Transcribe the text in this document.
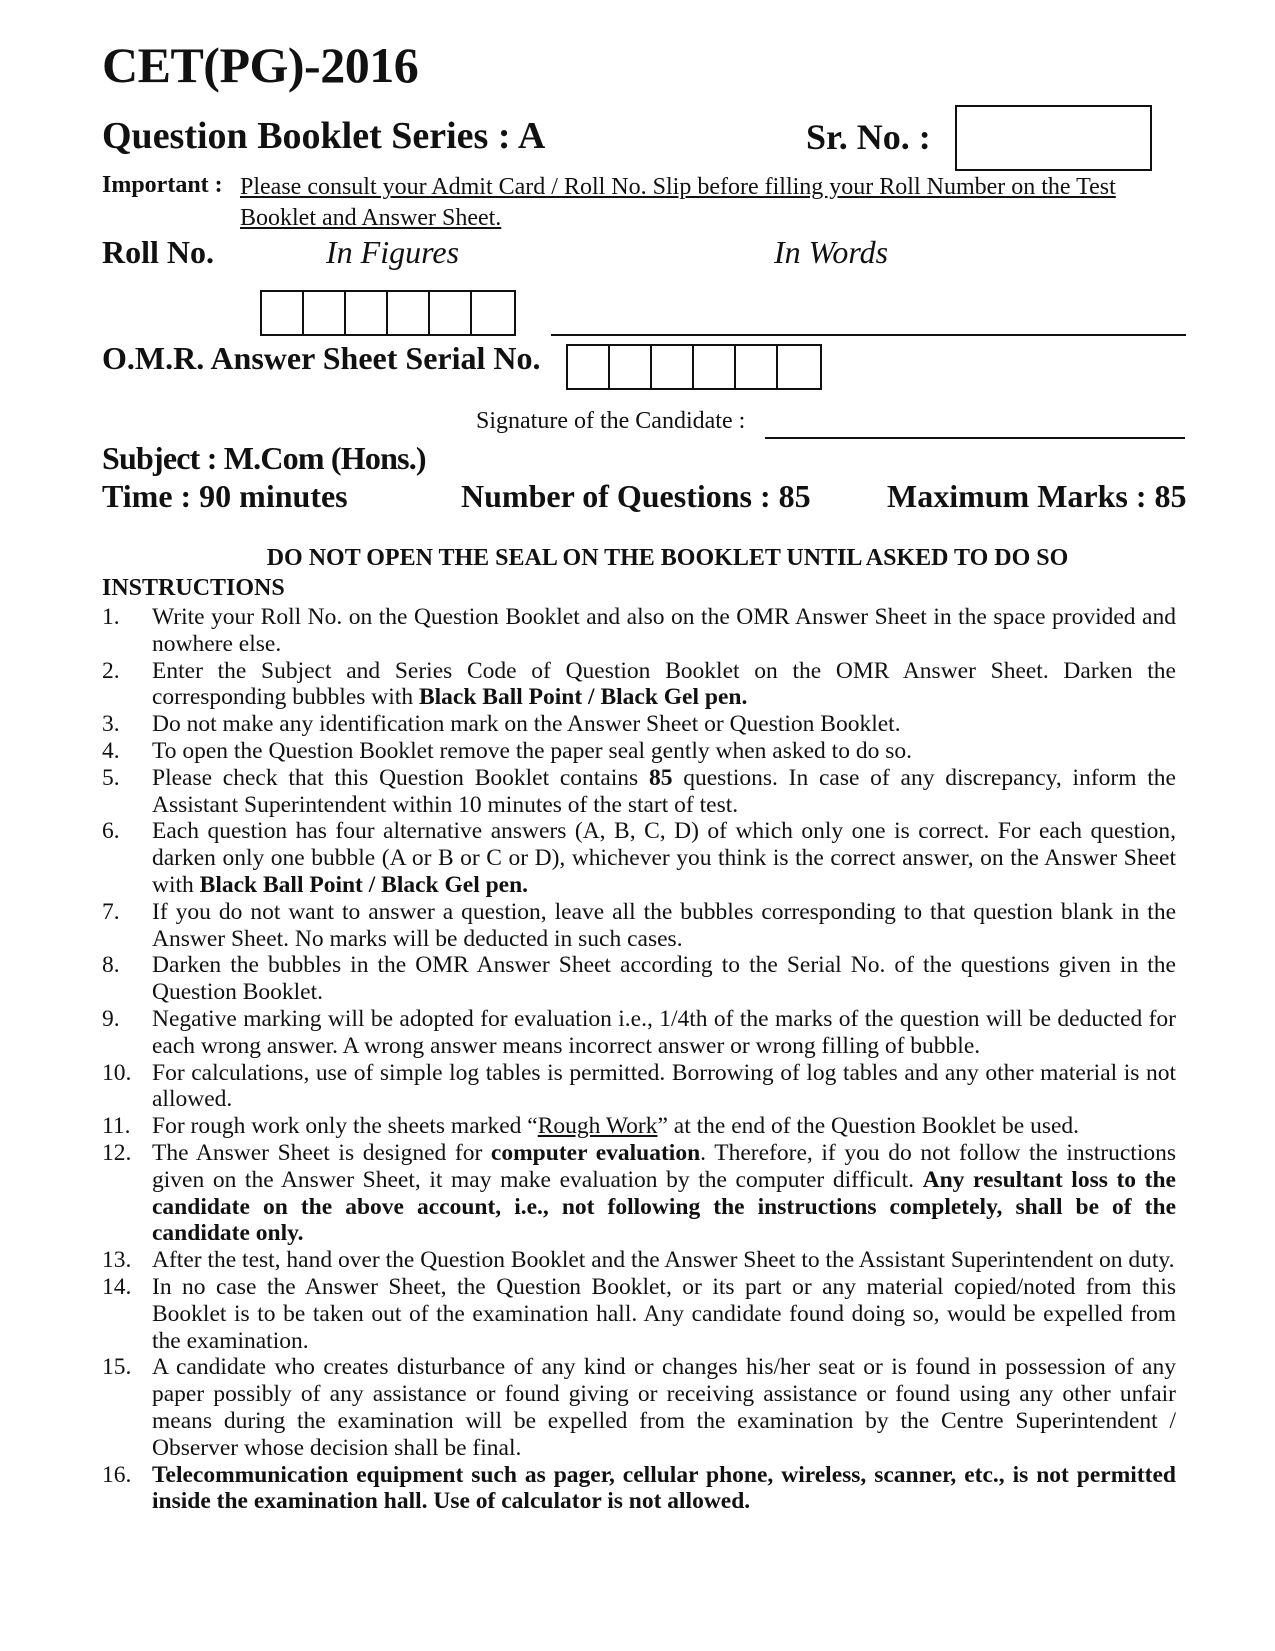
CET(PG)-2016
Question Booklet Series : A	Sr. No. :
Important : Please consult your Admit Card / Roll No. Slip before filling your Roll Number on the Test Booklet and Answer Sheet.
Roll No.	In Figures	In Words
O.M.R. Answer Sheet Serial No.
Signature of the Candidate :
Subject : M.Com (Hons.)
Time : 90 minutes	Number of Questions : 85 Maximum Marks : 85
DO NOT OPEN THE SEAL ON THE BOOKLET UNTIL ASKED TO DO SO
INSTRUCTIONS
1.	Write your Roll No. on the Question Booklet and also on the OMR Answer Sheet in the space provided and nowhere else.
2.	Enter the Subject and Series Code of Question Booklet on the OMR Answer Sheet. Darken the corresponding bubbles with Black Ball Point / Black Gel pen.
3.	Do not make any identification mark on the Answer Sheet or Question Booklet.
4.	To open the Question Booklet remove the paper seal gently when asked to do so.
5.	Please check that this Question Booklet contains 85 questions. In case of any discrepancy, inform the Assistant Superintendent within 10 minutes of the start of test.
6.	Each question has four alternative answers (A, B, C, D) of which only one is correct. For each question, darken only one bubble (A or B or C or D), whichever you think is the correct answer, on the Answer Sheet with Black Ball Point / Black Gel pen.
7.	If you do not want to answer a question, leave all the bubbles corresponding to that question blank in the Answer Sheet. No marks will be deducted in such cases.
8.	Darken the bubbles in the OMR Answer Sheet according to the Serial No. of the questions given in the Question Booklet.
9.	Negative marking will be adopted for evaluation i.e., 1/4th of the marks of the question will be deducted for each wrong answer. A wrong answer means incorrect answer or wrong filling of bubble.
10. For calculations, use of simple log tables is permitted. Borrowing of log tables and any other material is not allowed.
11. For rough work only the sheets marked “Rough Work” at the end of the Question Booklet be used.
12. The Answer Sheet is designed for computer evaluation. Therefore, if you do not follow the instructions given on the Answer Sheet, it may make evaluation by the computer difficult. Any resultant loss to the candidate on the above account, i.e., not following the instructions completely, shall be of the candidate only.
13. After the test, hand over the Question Booklet and the Answer Sheet to the Assistant Superintendent on duty.
14. In no case the Answer Sheet, the Question Booklet, or its part or any material copied/noted from this Booklet is to be taken out of the examination hall. Any candidate found doing so, would be expelled from the examination.
15. A candidate who creates disturbance of any kind or changes his/her seat or is found in possession of any paper possibly of any assistance or found giving or receiving assistance or found using any other unfair means during the examination will be expelled from the examination by the Centre Superintendent / Observer whose decision shall be final.
16. Telecommunication equipment such as pager, cellular phone, wireless, scanner, etc., is not permitted inside the examination hall. Use of calculator is not allowed.
